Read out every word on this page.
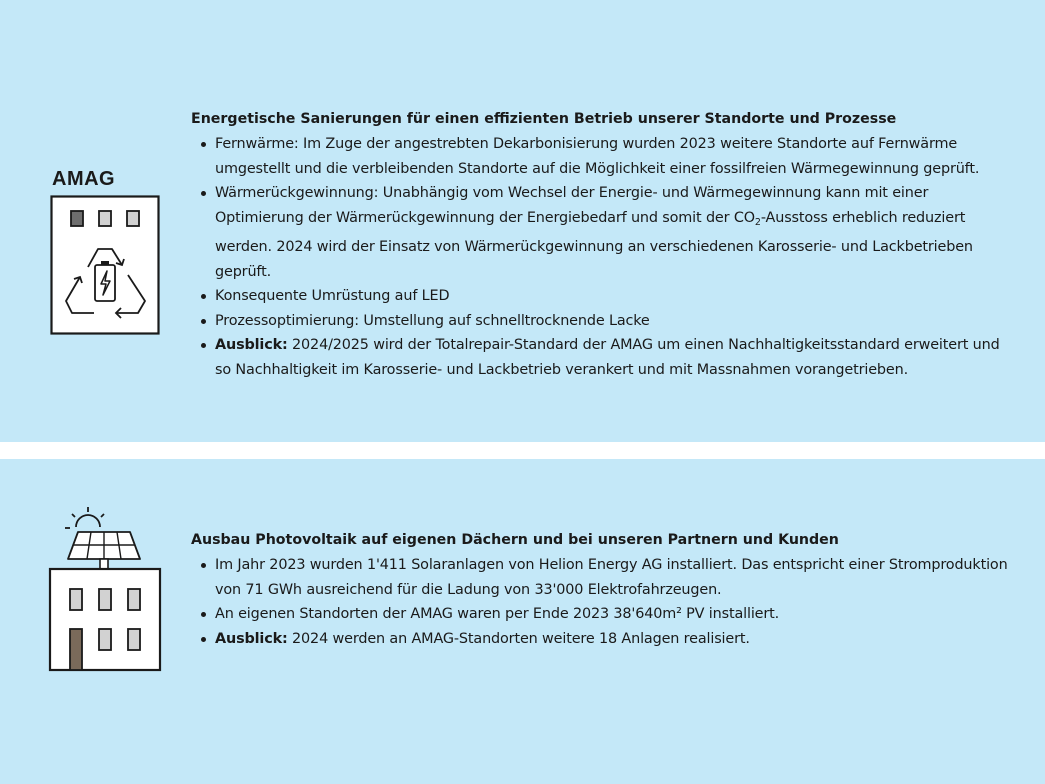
AMAG
Energetische Sanierungen für einen effizienten Betrieb unserer Standorte und Prozesse
Fernwärme: Im Zuge der angestrebten Dekarbonisierung wurden 2023 weitere Standorte auf Fernwärme umgestellt und die verbleibenden Standorte auf die Möglichkeit einer fossilfreien Wärmegewinnung geprüft.
Wärmerückgewinnung: Unabhängig vom Wechsel der Energie- und Wärmegewinnung kann mit einer Optimierung der Wärmerückgewinnung der Energiebedarf und somit der $CO_2$-Ausstoss erheblich reduziert werden. 2024 wird der Einsatz von Wärmerückgewinnung an verschiedenen Karosserie- und Lackbetrieben geprüft.
Konsequente Umrüstung auf LED
Prozessoptimierung: Umstellung auf schnelltrocknende Lacke
Ausblick: 2024/2025 wird der Totalrepair-Standard der AMAG um einen Nachhaltigkeitsstandard erweitert und so Nachhaltigkeit im Karosserie- und Lackbetrieb verankert und mit Massnahmen vorangetrieben.
Ausbau Photovoltaik auf eigenen Dächern und bei unseren Partnern und Kunden
Im Jahr 2023 wurden 1'411 Solaranlagen von Helion Energy AG installiert. Das entspricht einer Stromproduktion von 71 GWh ausreichend für die Ladung von 33'000 Elektrofahrzeugen.
An eigenen Standorten der AMAG waren per Ende 2023 38'640m² PV installiert.
Ausblick: 2024 werden an AMAG-Standorten weitere 18 Anlagen realisiert.
